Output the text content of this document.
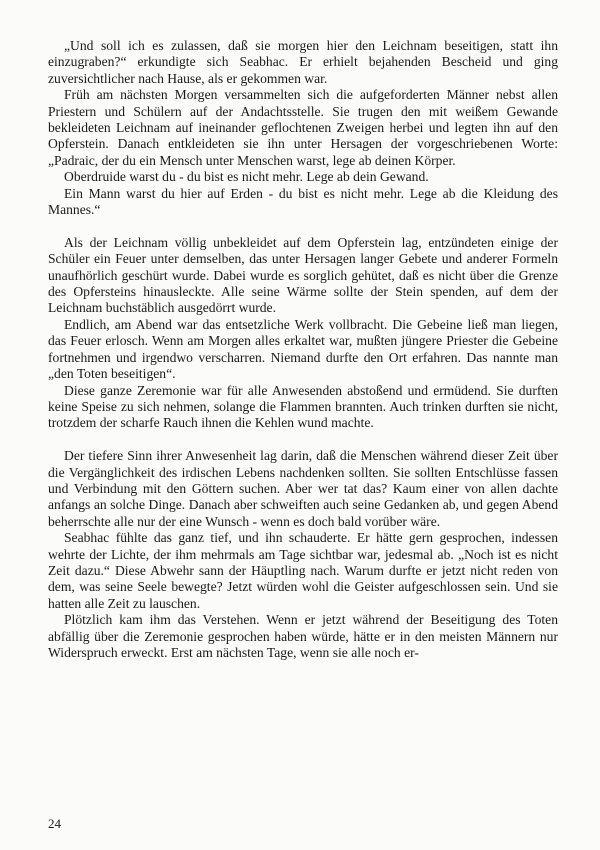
„Und soll ich es zulassen, daß sie morgen hier den Leichnam beseitigen, statt ihn einzugraben?“ erkundigte sich Seabhac. Er erhielt bejahenden Bescheid und ging zuversichtlicher nach Hause, als er gekommen war.

Früh am nächsten Morgen versammelten sich die aufgeforderten Männer nebst allen Priestern und Schülern auf der Andachtsstelle. Sie trugen den mit weißem Gewande bekleideten Leichnam auf ineinander geflochtenen Zweigen herbei und legten ihn auf den Opferstein. Danach entkleideten sie ihn unter Hersagen der vorgeschriebenen Worte: „Padraic, der du ein Mensch unter Menschen warst, lege ab deinen Körper.

Oberdruide warst du - du bist es nicht mehr. Lege ab dein Gewand.

Ein Mann warst du hier auf Erden - du bist es nicht mehr. Lege ab die Kleidung des Mannes.“

Als der Leichnam völlig unbekleidet auf dem Opferstein lag, entzündeten einige der Schüler ein Feuer unter demselben, das unter Hersagen langer Gebete und anderer Formeln unaufhörlich geschürt wurde. Dabei wurde es sorglich gehütet, daß es nicht über die Grenze des Opfersteins hinausleckte. Alle seine Wärme sollte der Stein spenden, auf dem der Leichnam buchstäblich ausgedörrt wurde.

Endlich, am Abend war das entsetzliche Werk vollbracht. Die Gebeine ließ man liegen, das Feuer erlosch. Wenn am Morgen alles erkaltet war, mußten jüngere Priester die Gebeine fortnehmen und irgendwo verscharren. Niemand durfte den Ort erfahren. Das nannte man „den Toten beseitigen“.

Diese ganze Zeremonie war für alle Anwesenden abstoßend und ermüdend. Sie durften keine Speise zu sich nehmen, solange die Flammen brannten. Auch trinken durften sie nicht, trotzdem der scharfe Rauch ihnen die Kehlen wund machte.

Der tiefere Sinn ihrer Anwesenheit lag darin, daß die Menschen während dieser Zeit über die Vergänglichkeit des irdischen Lebens nachdenken sollten. Sie sollten Entschlüsse fassen und Verbindung mit den Göttern suchen. Aber wer tat das? Kaum einer von allen dachte anfangs an solche Dinge. Danach aber schweiften auch seine Gedanken ab, und gegen Abend beherrschte alle nur der eine Wunsch - wenn es doch bald vorüber wäre.

Seabhac fühlte das ganz tief, und ihn schauderte. Er hätte gern gesprochen, indessen wehrte der Lichte, der ihm mehrmals am Tage sichtbar war, jedesmal ab. „Noch ist es nicht Zeit dazu.“ Diese Abwehr sann der Häuptling nach. Warum durfte er jetzt nicht reden von dem, was seine Seele bewegte? Jetzt würden wohl die Geister aufgeschlossen sein. Und sie hatten alle Zeit zu lauschen.

Plötzlich kam ihm das Verstehen. Wenn er jetzt während der Beseitigung des Toten abfällig über die Zeremonie gesprochen haben würde, hätte er in den meisten Männern nur Widerspruch erweckt. Erst am nächsten Tage, wenn sie alle noch er-

24
